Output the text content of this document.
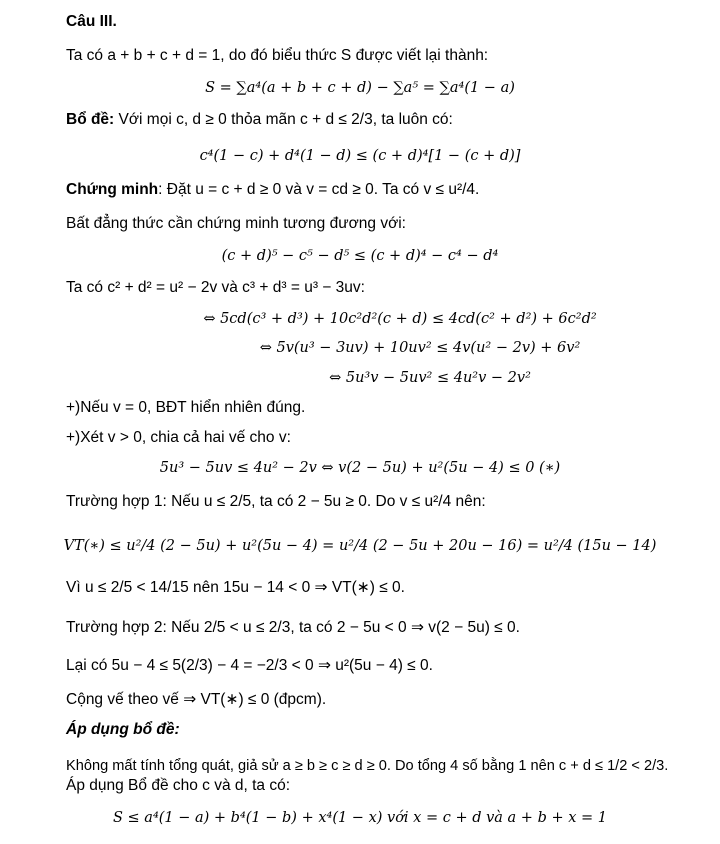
Câu III.
Ta có a + b + c + d = 1, do đó biểu thức S được viết lại thành:
S = ∑a⁴(a + b + c + d) − ∑a⁵ = ∑a⁴(1 − a)
Bổ đề: Với mọi c, d ≥ 0 thỏa mãn c + d ≤ 2/3, ta luôn có:
c⁴(1 − c) + d⁴(1 − d) ≤ (c + d)⁴[1 − (c + d)]
Chứng minh: Đặt u = c + d ≥ 0 và v = cd ≥ 0. Ta có v ≤ u²/4.
Bất đẳng thức cần chứng minh tương đương với:
(c + d)⁵ − c⁵ − d⁵ ≤ (c + d)⁴ − c⁴ − d⁴
Ta có c² + d² = u² − 2v và c³ + d³ = u³ − 3uv:
⇔ 5cd(c³ + d³) + 10c²d²(c + d) ≤ 4cd(c² + d²) + 6c²d²
⇔ 5v(u³ − 3uv) + 10uv² ≤ 4v(u² − 2v) + 6v²
⇔ 5u³v − 5uv² ≤ 4u²v − 2v²
+)Nếu v = 0, BĐT hiển nhiên đúng.
+)Xét v > 0, chia cả hai vế cho v:
5u³ − 5uv ≤ 4u² − 2v ⇔ v(2 − 5u) + u²(5u − 4) ≤ 0 (∗)
Trường hợp 1: Nếu u ≤ 2/5, ta có 2 − 5u ≥ 0. Do v ≤ u²/4 nên:
VT(∗) ≤ u²/4 (2 − 5u) + u²(5u − 4) = u²/4 (2 − 5u + 20u − 16) = u²/4 (15u − 14)
Vì u ≤ 2/5 < 14/15 nên 15u − 14 < 0 ⇒ VT(∗) ≤ 0.
Trường hợp 2: Nếu 2/5 < u ≤ 2/3, ta có 2 − 5u < 0 ⇒ v(2 − 5u) ≤ 0.
Lại có 5u − 4 ≤ 5(2/3) − 4 = −2/3 < 0 ⇒ u²(5u − 4) ≤ 0.
Cộng vế theo vế ⇒ VT(∗) ≤ 0 (đpcm).
Áp dụng bổ đề:
Không mất tính tổng quát, giả sử a ≥ b ≥ c ≥ d ≥ 0. Do tổng 4 số bằng 1 nên c + d ≤ 1/2 < 2/3.
Áp dụng Bổ đề cho c và d, ta có:
S ≤ a⁴(1 − a) + b⁴(1 − b) + x⁴(1 − x) với x = c + d và a + b + x = 1
